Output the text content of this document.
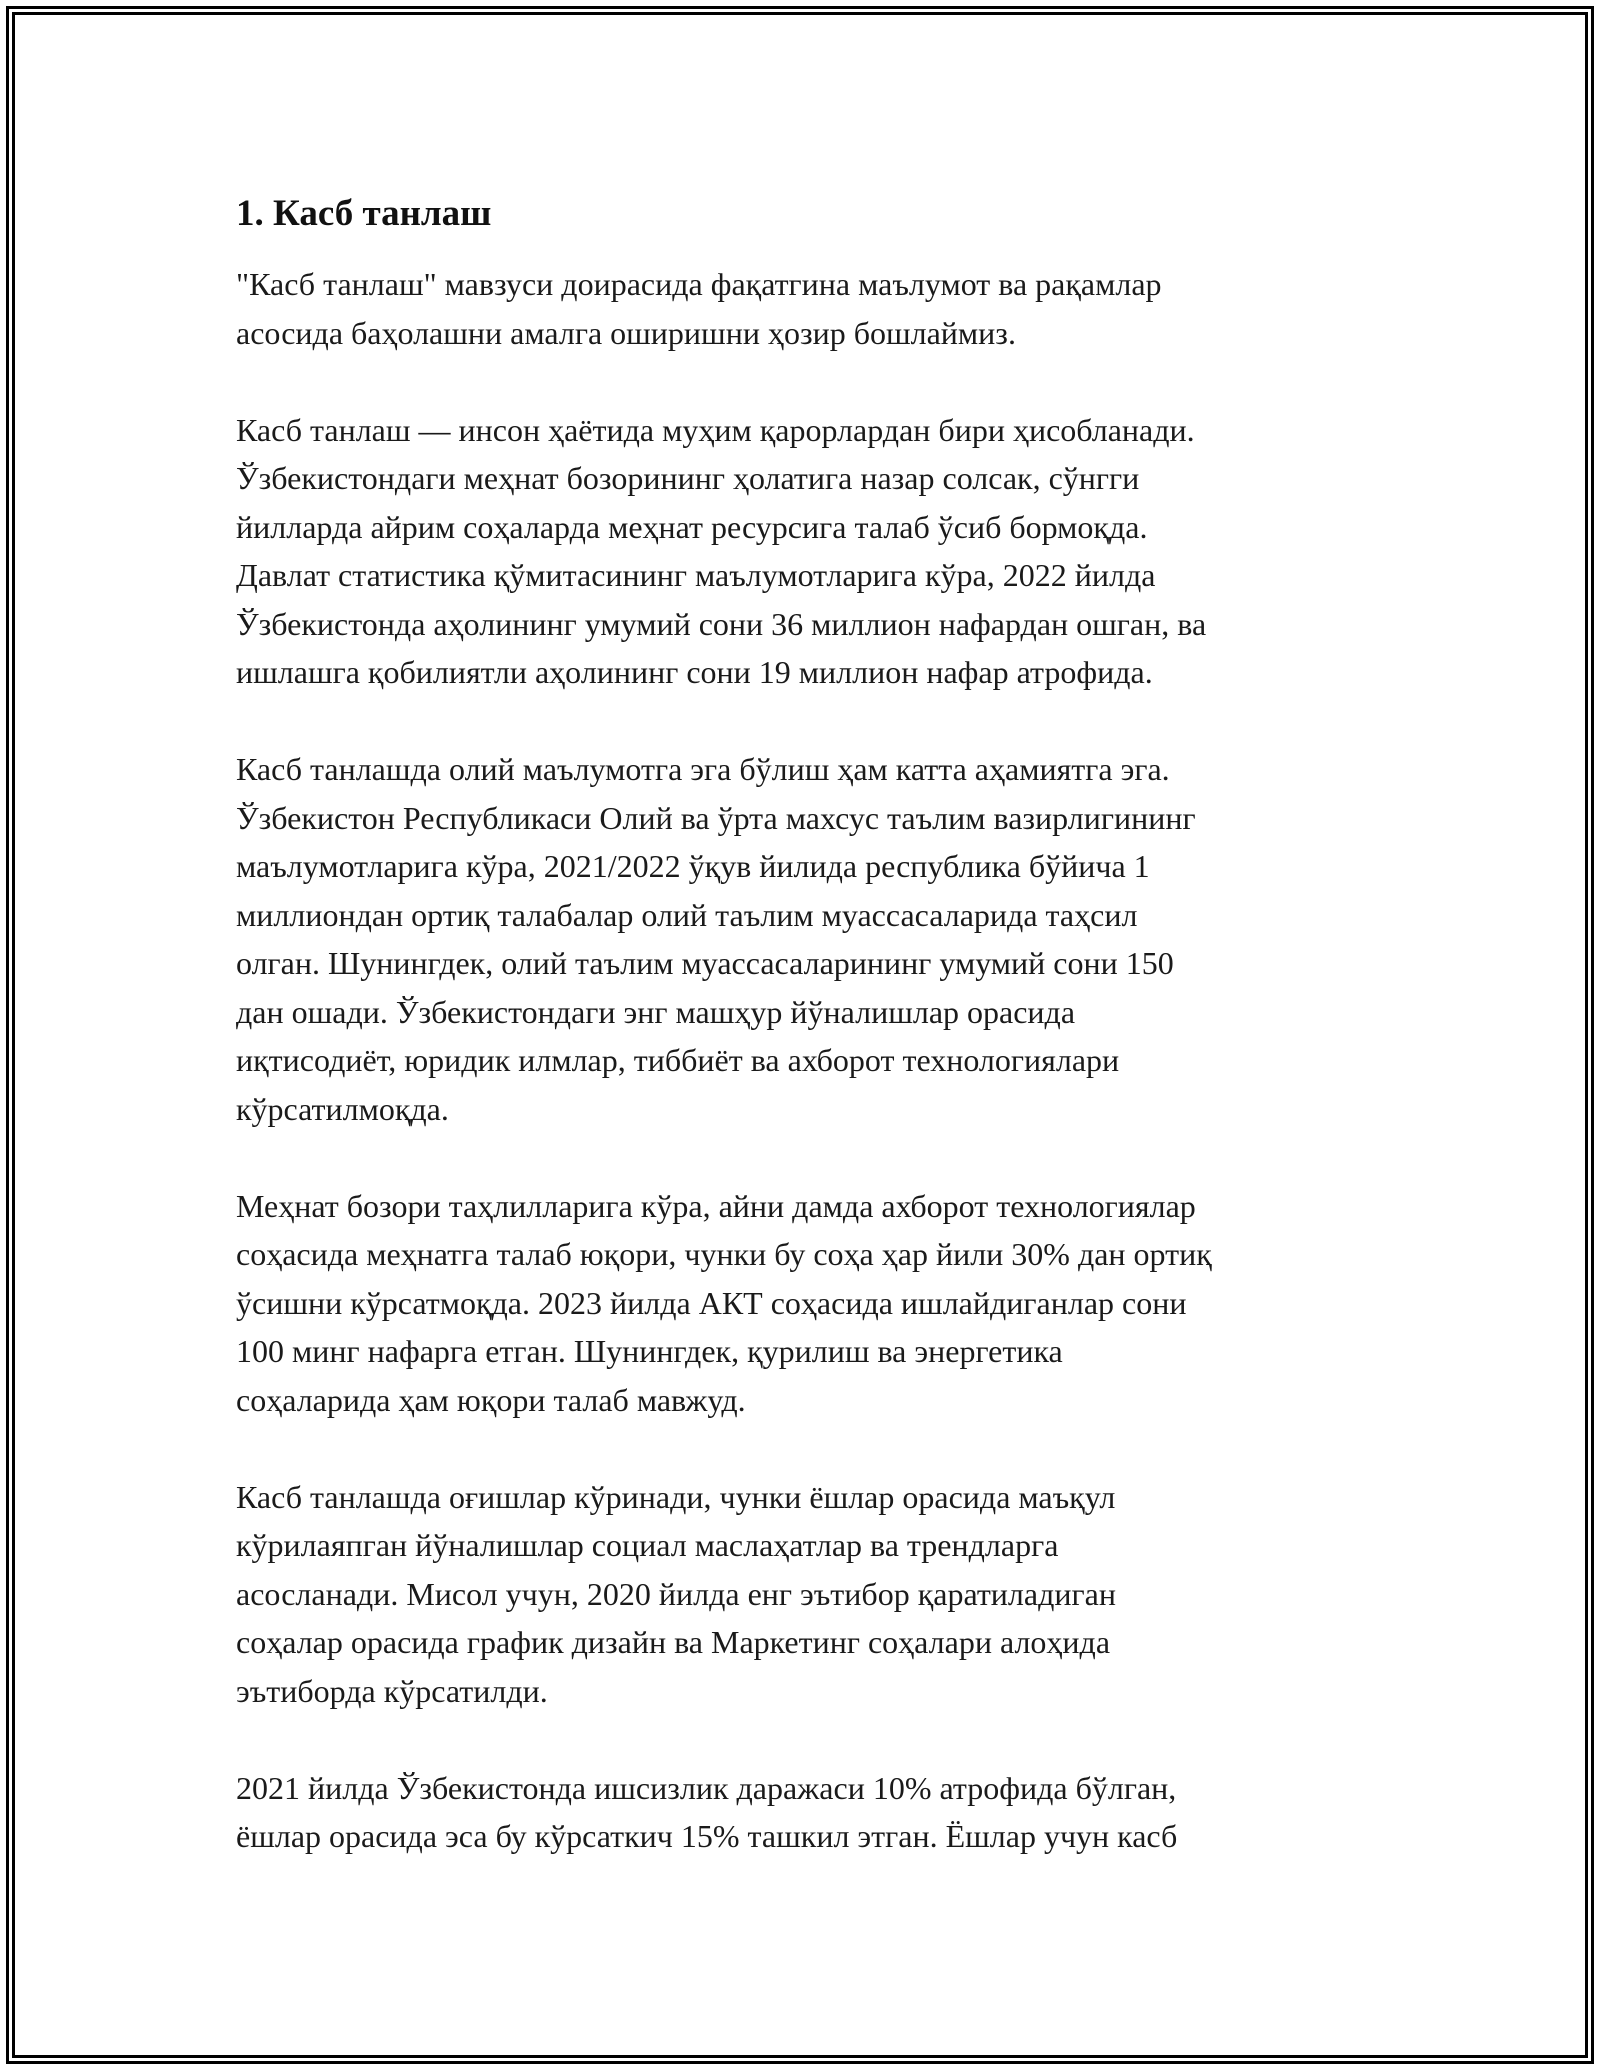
1. Касб танлаш

"Касб танлаш" мавзуси доирасида фақатгина маълумот ва рақамлар
асосида баҳолашни амалга оширишни ҳозир бошлаймиз.

Касб танлаш — инсон ҳаётида муҳим қарорлардан бири ҳисобланади.
Ўзбекистондаги меҳнат бозорининг ҳолатига назар солсак, сўнгги
йилларда айрим соҳаларда меҳнат ресурсига талаб ўсиб бормоқда.
Давлат статистика қўмитасининг маълумотларига кўра, 2022 йилда
Ўзбекистонда аҳолининг умумий сони 36 миллион нафардан ошган, ва
ишлашга қобилиятли аҳолининг сони 19 миллион нафар атрофида.

Касб танлашда олий маълумотга эга бўлиш ҳам катта аҳамиятга эга.
Ўзбекистон Республикаси Олий ва ўрта махсус таълим вазирлигининг
маълумотларига кўра, 2021/2022 ўқув йилида республика бўйича 1
миллиондан ортиқ талабалар олий таълим муассасаларида таҳсил
олган. Шунингдек, олий таълим муассасаларининг умумий сони 150
дан ошади. Ўзбекистондаги энг машҳур йўналишлар орасида
иқтисодиёт, юридик илмлар, тиббиёт ва ахборот технологиялари
кўрсатилмоқда.

Меҳнат бозори таҳлилларига кўра, айни дамда ахборот технологиялар
соҳасида меҳнатга талаб юқори, чунки бу соҳа ҳар йили 30% дан ортиқ
ўсишни кўрсатмоқда. 2023 йилда АКТ соҳасида ишлайдиганлар сони
100 минг нафарга етган. Шунингдек, қурилиш ва энергетика
соҳаларида ҳам юқори талаб мавжуд.

Касб танлашда оғишлар кўринади, чунки ёшлар орасида маъқул
кўрилаяпган йўналишлар социал маслаҳатлар ва трендларга
асосланади. Мисол учун, 2020 йилда енг эътибор қаратиладиган
соҳалар орасида график дизайн ва Маркетинг соҳалари алоҳида
эътиборда кўрсатилди.

2021 йилда Ўзбекистонда ишсизлик даражаси 10% атрофида бўлган,
ёшлар орасида эса бу кўрсаткич 15% ташкил этган. Ёшлар учун касб
